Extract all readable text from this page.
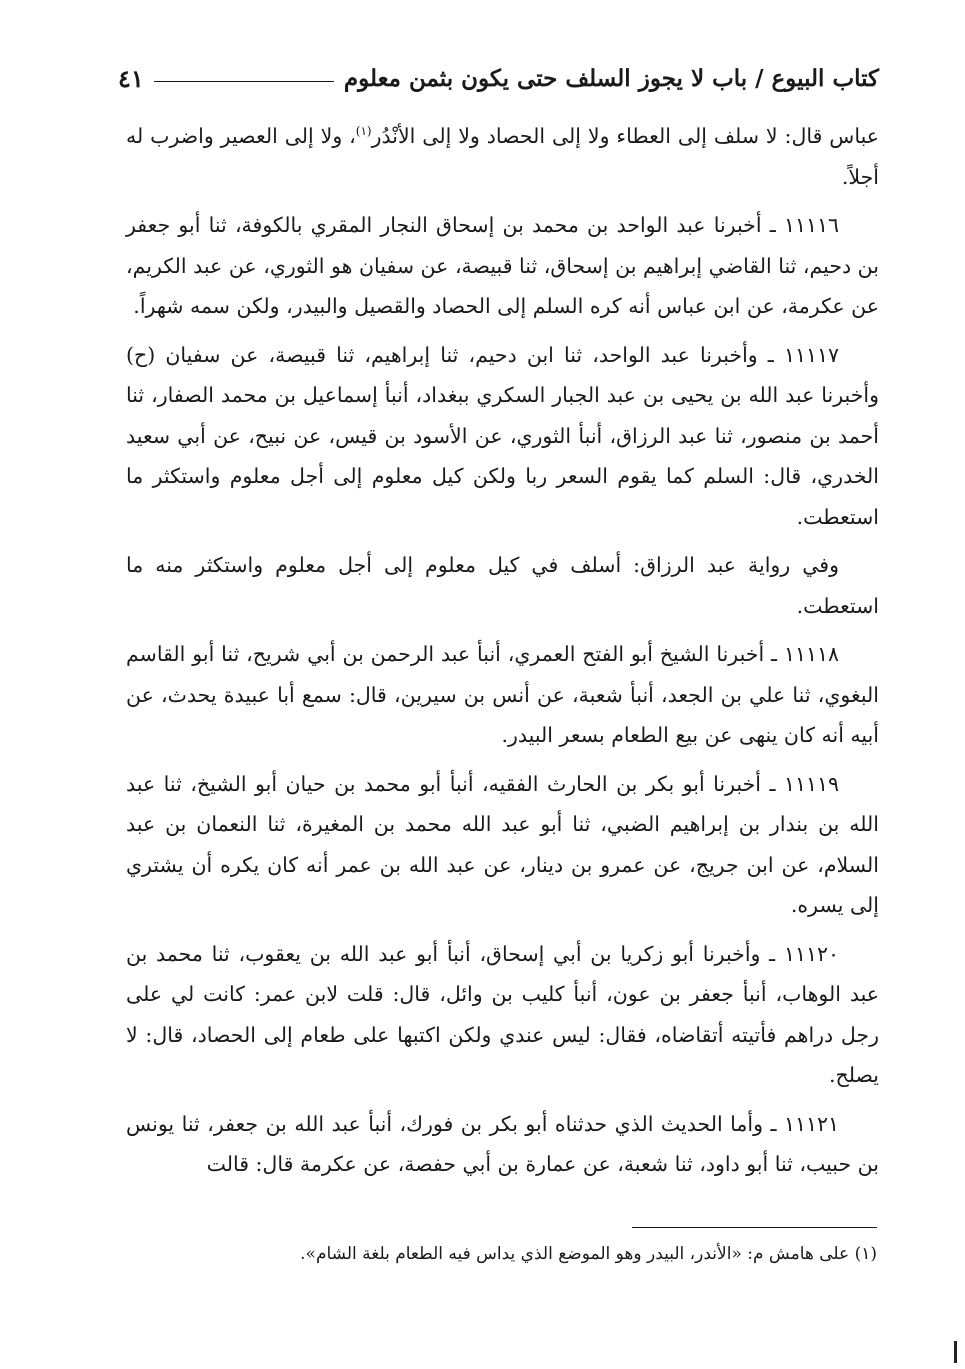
كتاب البيوع / باب لا يجوز السلف حتى يكون بثمن معلوم
٤١

عباس قال: لا سلف إلى العطاء ولا إلى الحصاد ولا إلى الأنْدُر$^{(١)}$، ولا إلى العصير واضرب له أجلاً.

١١١١٦ ـ أخبرنا عبد الواحد بن محمد بن إسحاق النجار المقري بالكوفة، ثنا أبو جعفر بن دحيم، ثنا القاضي إبراهيم بن إسحاق، ثنا قبيصة، عن سفيان هو الثوري، عن عبد الكريم، عن عكرمة، عن ابن عباس أنه كره السلم إلى الحصاد والقصيل والبيدر، ولكن سمه شهراً.

١١١١٧ ـ وأخبرنا عبد الواحد، ثنا ابن دحيم، ثنا إبراهيم، ثنا قبيصة، عن سفيان (ح) وأخبرنا عبد الله بن يحيى بن عبد الجبار السكري ببغداد، أنبأ إسماعيل بن محمد الصفار، ثنا أحمد بن منصور، ثنا عبد الرزاق، أنبأ الثوري، عن الأسود بن قيس، عن نبيح، عن أبي سعيد الخدري، قال: السلم كما يقوم السعر ربا ولكن كيل معلوم إلى أجل معلوم واستكثر ما استعطت.

وفي رواية عبد الرزاق: أسلف في كيل معلوم إلى أجل معلوم واستكثر منه ما استعطت.

١١١١٨ ـ أخبرنا الشيخ أبو الفتح العمري، أنبأ عبد الرحمن بن أبي شريح، ثنا أبو القاسم البغوي، ثنا علي بن الجعد، أنبأ شعبة، عن أنس بن سيرين، قال: سمع أبا عبيدة يحدث، عن أبيه أنه كان ينهى عن بيع الطعام بسعر البيدر.

١١١١٩ ـ أخبرنا أبو بكر بن الحارث الفقيه، أنبأ أبو محمد بن حيان أبو الشيخ، ثنا عبد الله بن بندار بن إبراهيم الضبي، ثنا أبو عبد الله محمد بن المغيرة، ثنا النعمان بن عبد السلام، عن ابن جريج، عن عمرو بن دينار، عن عبد الله بن عمر أنه كان يكره أن يشتري إلى يسره.

١١١٢٠ ـ وأخبرنا أبو زكريا بن أبي إسحاق، أنبأ أبو عبد الله بن يعقوب، ثنا محمد بن عبد الوهاب، أنبأ جعفر بن عون، أنبأ كليب بن وائل، قال: قلت لابن عمر: كانت لي على رجل دراهم فأتيته أتقاضاه، فقال: ليس عندي ولكن اكتبها على طعام إلى الحصاد، قال: لا يصلح.

١١١٢١ ـ وأما الحديث الذي حدثناه أبو بكر بن فورك، أنبأ عبد الله بن جعفر، ثنا يونس بن حبيب، ثنا أبو داود، ثنا شعبة، عن عمارة بن أبي حفصة، عن عكرمة قال: قالت

(١) على هامش م: «الأندر، البيدر وهو الموضع الذي يداس فيه الطعام بلغة الشام».
